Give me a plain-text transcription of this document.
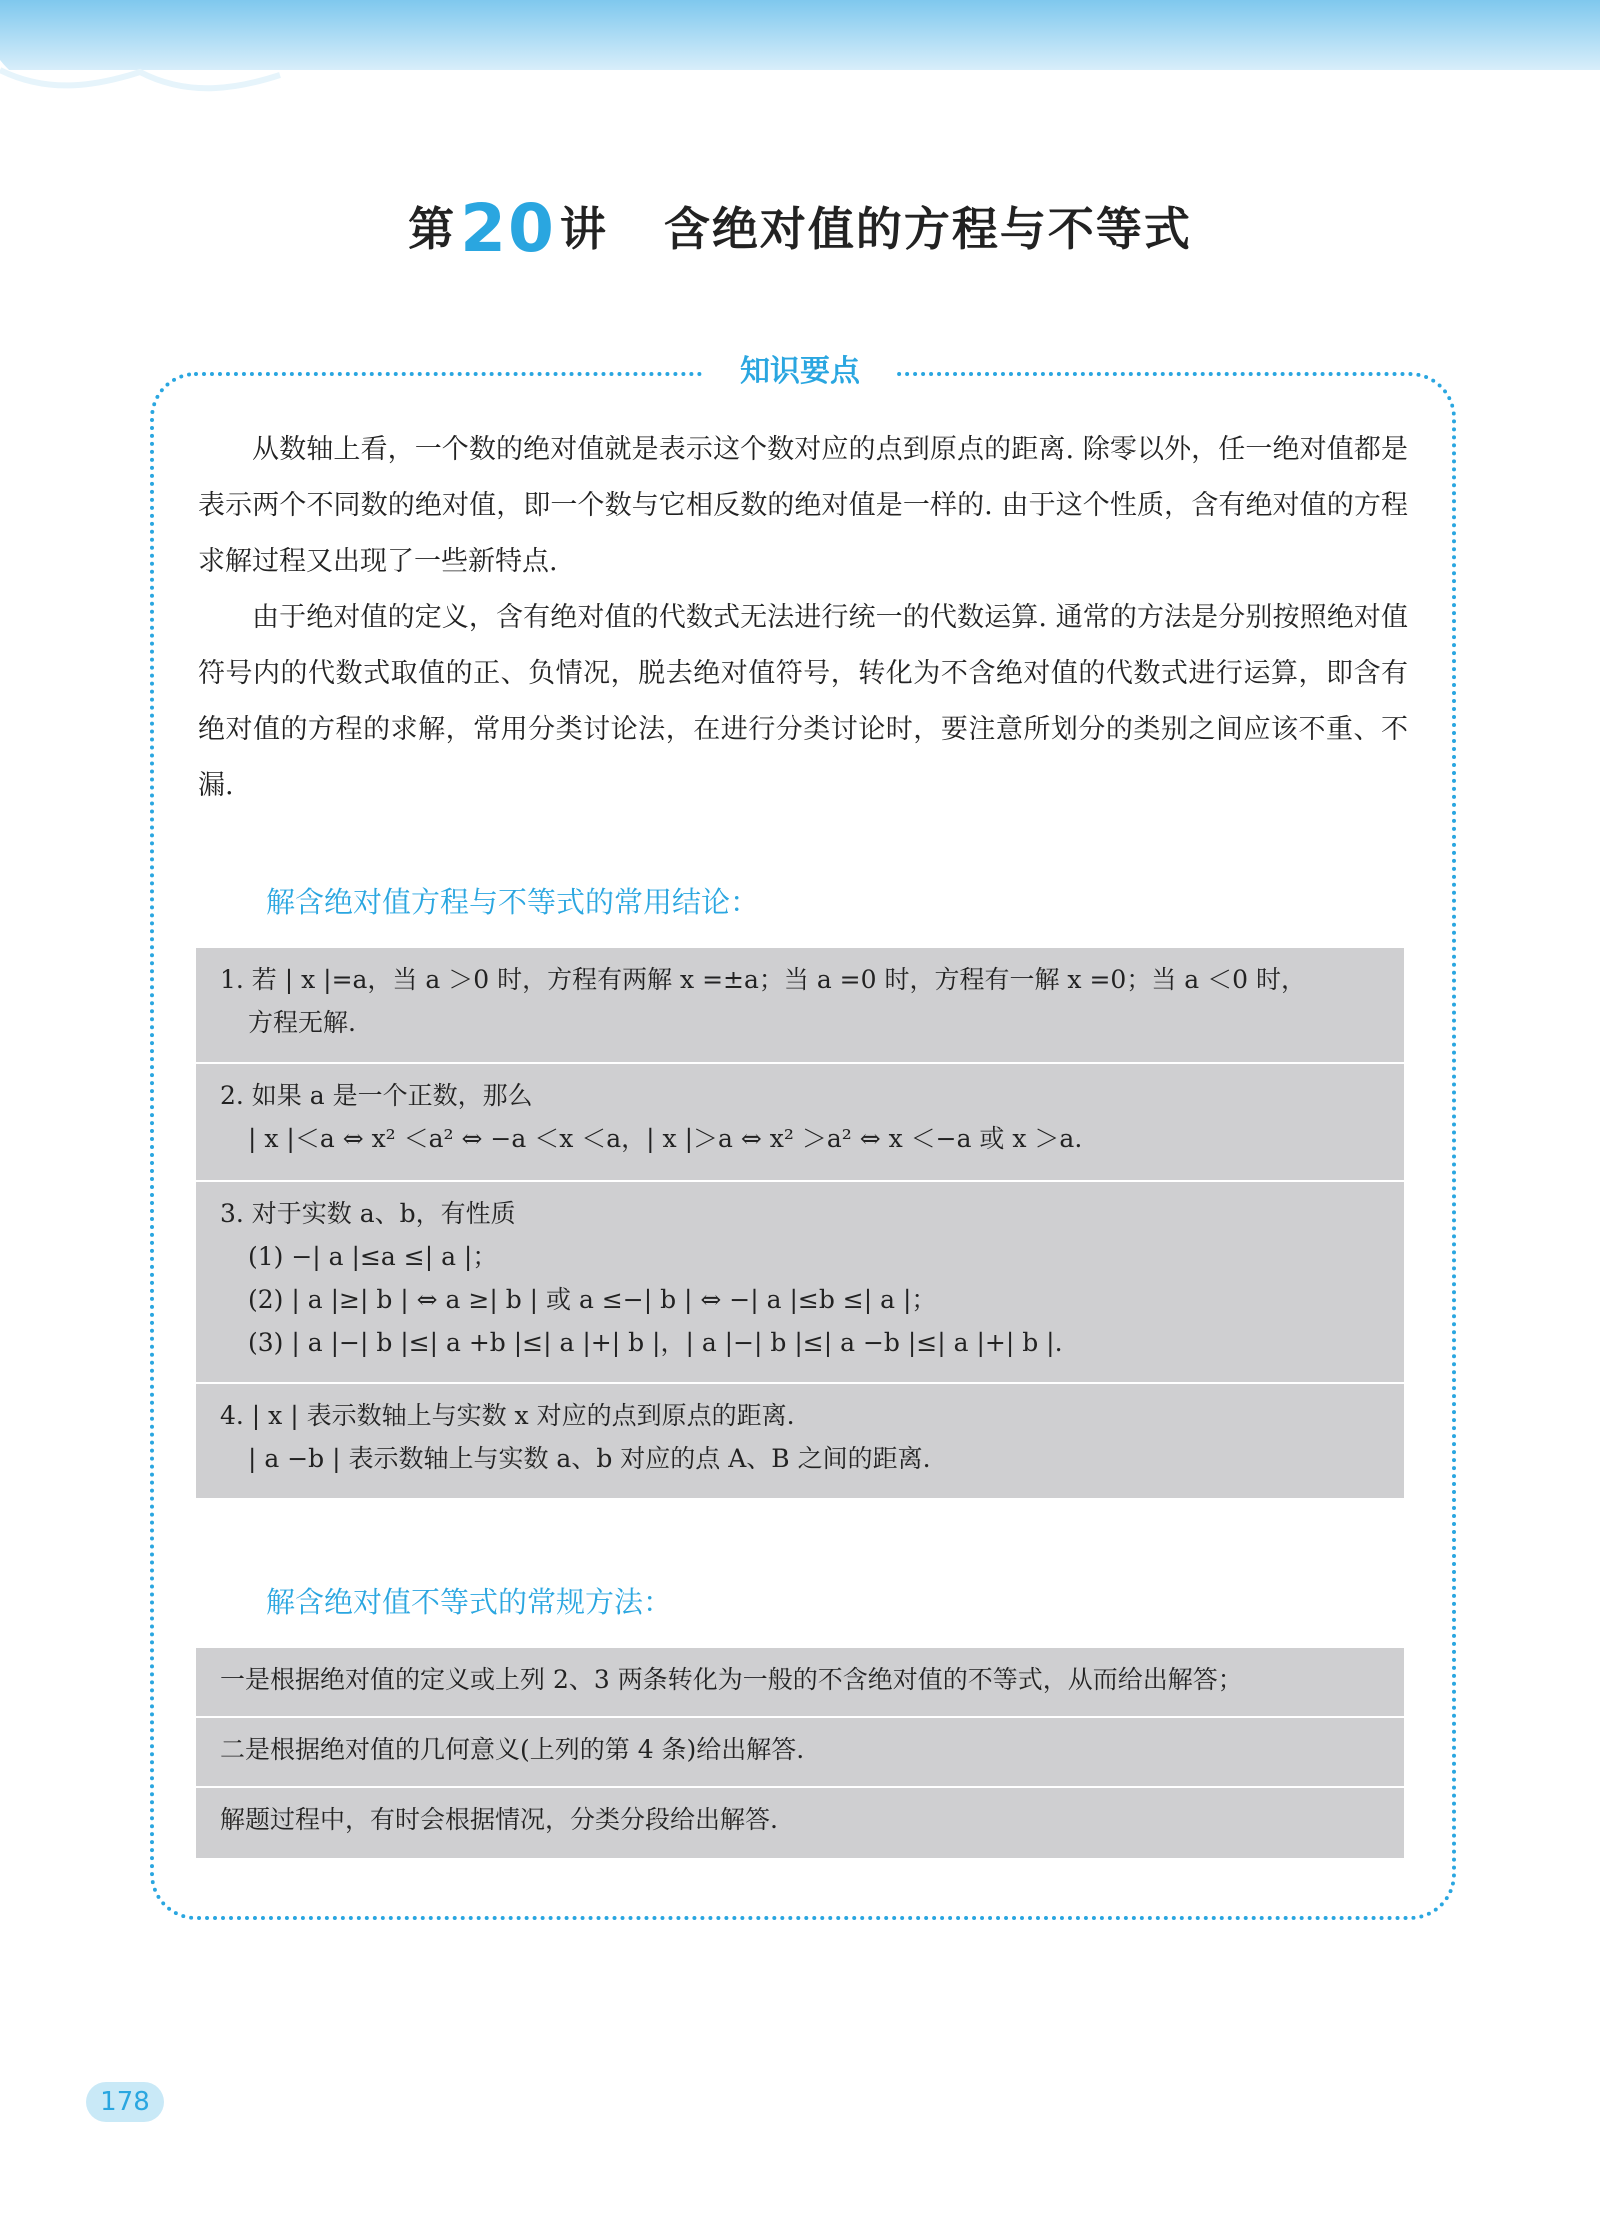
第20讲 含绝对值的方程与不等式
知识要点

从数轴上看，一个数的绝对值就是表示这个数对应的点到原点的距离. 除零以外，任一绝对值都是表示两个不同数的绝对值，即一个数与它相反数的绝对值是一样的. 由于这个性质，含有绝对值的方程求解过程又出现了一些新特点.

由于绝对值的定义，含有绝对值的代数式无法进行统一的代数运算. 通常的方法是分别按照绝对值符号内的代数式取值的正、负情况，脱去绝对值符号，转化为不含绝对值的代数式进行运算，即含有绝对值的方程的求解，常用分类讨论法，在进行分类讨论时，要注意所划分的类别之间应该不重、不漏.

解含绝对值方程与不等式的常用结论：
1. 若 | x |=a，当 a ＞0 时，方程有两解 x =±a；当 a =0 时，方程有一解 x =0；当 a ＜0 时，
方程无解.
2. 如果 a 是一个正数，那么
| x |＜a ⇔ x² ＜a² ⇔ −a ＜x ＜a，| x |＞a ⇔ x² ＞a² ⇔ x ＜−a 或 x ＞a.
3. 对于实数 a、b，有性质
(1) −| a |≤a ≤| a |；
(2) | a |≥| b | ⇔ a ≥| b | 或 a ≤−| b | ⇔ −| a |≤b ≤| a |；
(3) | a |−| b |≤| a +b |≤| a |+| b |，| a |−| b |≤| a −b |≤| a |+| b |.
4. | x | 表示数轴上与实数 x 对应的点到原点的距离.
| a −b | 表示数轴上与实数 a、b 对应的点 A、B 之间的距离.
解含绝对值不等式的常规方法：
一是根据绝对值的定义或上列 2、3 两条转化为一般的不含绝对值的不等式，从而给出解答；
二是根据绝对值的几何意义(上列的第 4 条)给出解答.
解题过程中，有时会根据情况，分类分段给出解答.
178
